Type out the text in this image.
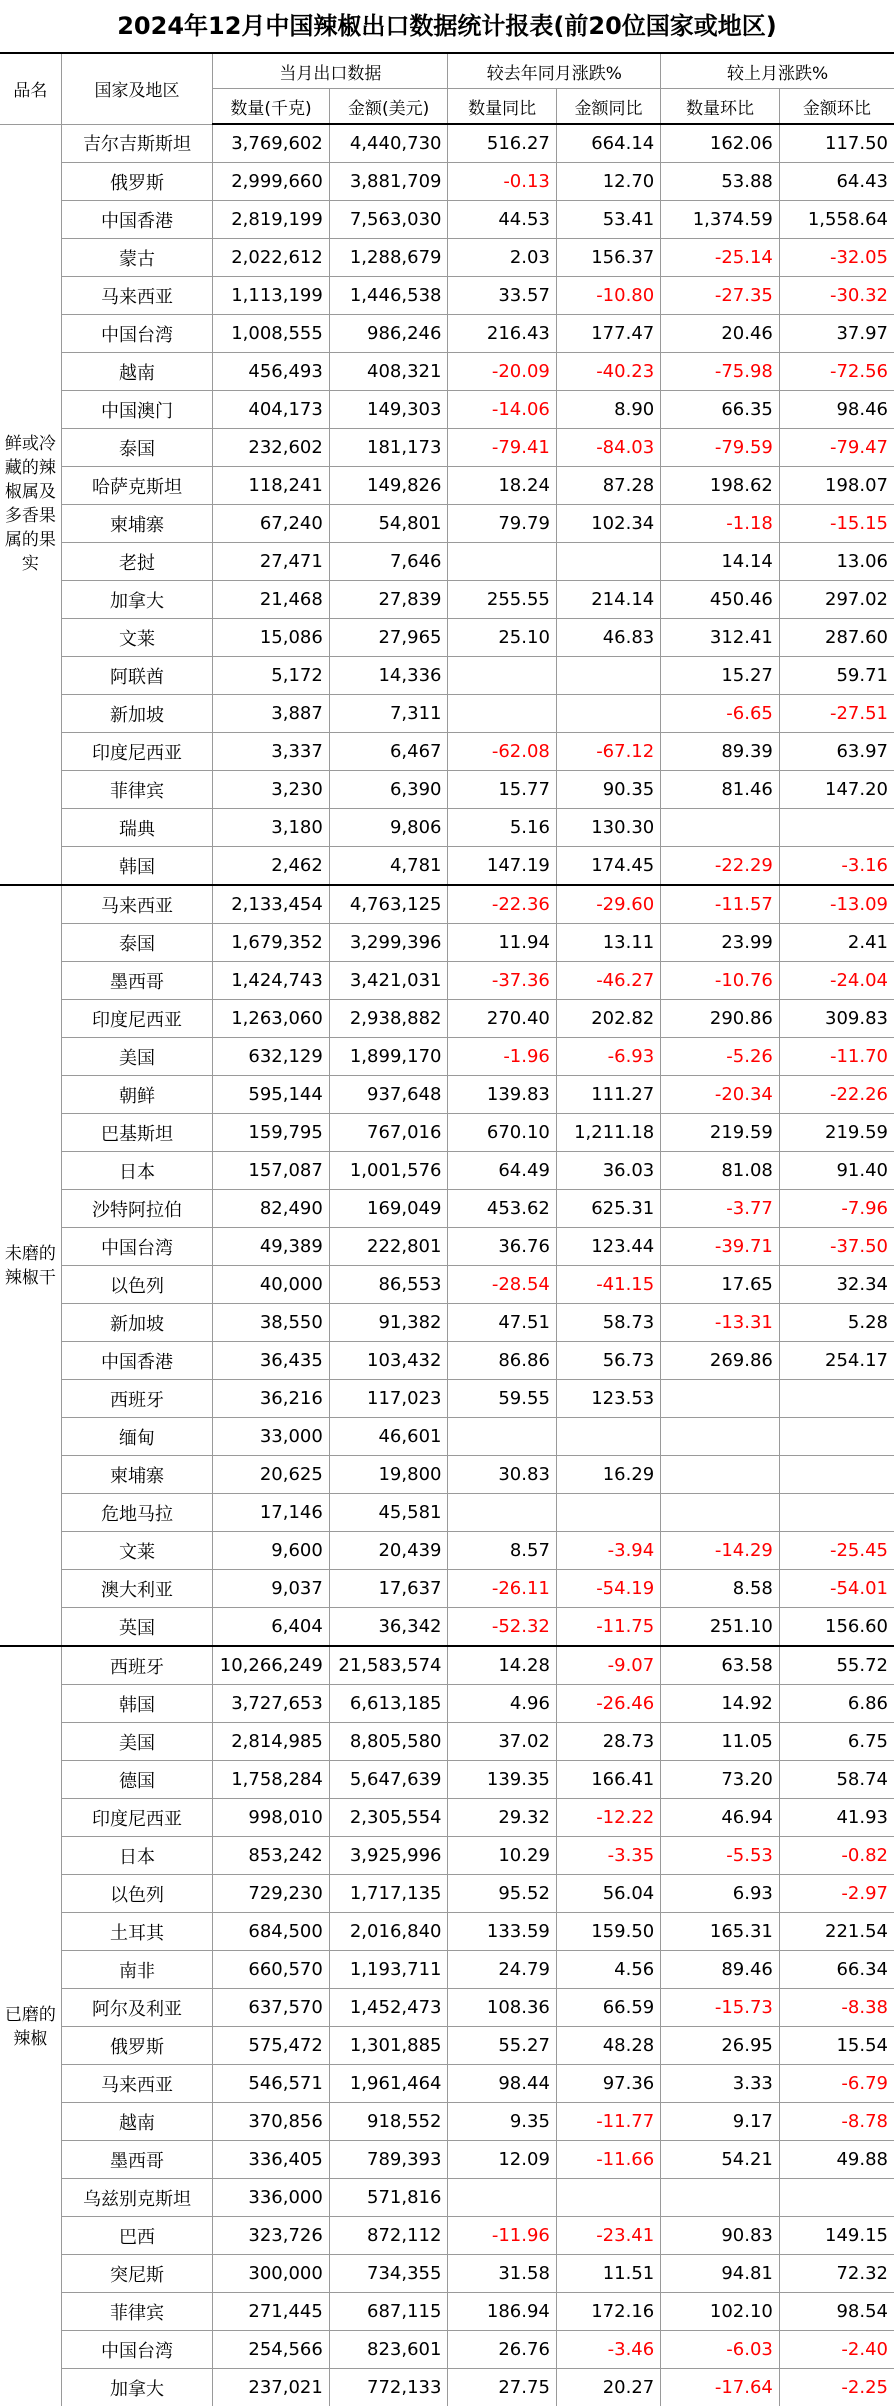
2024年12月中国辣椒出口数据统计报表(前20位国家或地区)
品名	国家及地区	当月出口数据		较去年同月涨跌%		较上月涨跌%	
		数量(千克)	金额(美元)	数量同比	金额同比	数量环比	金额环比
鲜或冷藏的辣椒属及多香果属的果实	吉尔吉斯斯坦	3,769,602	4,440,730	516.27	664.14	162.06	117.50
	俄罗斯	2,999,660	3,881,709	-0.13	12.70	53.88	64.43
	中国香港	2,819,199	7,563,030	44.53	53.41	1,374.59	1,558.64
	蒙古	2,022,612	1,288,679	2.03	156.37	-25.14	-32.05
	马来西亚	1,113,199	1,446,538	33.57	-10.80	-27.35	-30.32
	中国台湾	1,008,555	986,246	216.43	177.47	20.46	37.97
	越南	456,493	408,321	-20.09	-40.23	-75.98	-72.56
	中国澳门	404,173	149,303	-14.06	8.90	66.35	98.46
	泰国	232,602	181,173	-79.41	-84.03	-79.59	-79.47
	哈萨克斯坦	118,241	149,826	18.24	87.28	198.62	198.07
	柬埔寨	67,240	54,801	79.79	102.34	-1.18	-15.15
	老挝	27,471	7,646			14.14	13.06
	加拿大	21,468	27,839	255.55	214.14	450.46	297.02
	文莱	15,086	27,965	25.10	46.83	312.41	287.60
	阿联酋	5,172	14,336			15.27	59.71
	新加坡	3,887	7,311			-6.65	-27.51
	印度尼西亚	3,337	6,467	-62.08	-67.12	89.39	63.97
	菲律宾	3,230	6,390	15.77	90.35	81.46	147.20
	瑞典	3,180	9,806	5.16	130.30		
	韩国	2,462	4,781	147.19	174.45	-22.29	-3.16
未磨的辣椒干	马来西亚	2,133,454	4,763,125	-22.36	-29.60	-11.57	-13.09
	泰国	1,679,352	3,299,396	11.94	13.11	23.99	2.41
	墨西哥	1,424,743	3,421,031	-37.36	-46.27	-10.76	-24.04
	印度尼西亚	1,263,060	2,938,882	270.40	202.82	290.86	309.83
	美国	632,129	1,899,170	-1.96	-6.93	-5.26	-11.70
	朝鲜	595,144	937,648	139.83	111.27	-20.34	-22.26
	巴基斯坦	159,795	767,016	670.10	1,211.18	219.59	219.59
	日本	157,087	1,001,576	64.49	36.03	81.08	91.40
	沙特阿拉伯	82,490	169,049	453.62	625.31	-3.77	-7.96
	中国台湾	49,389	222,801	36.76	123.44	-39.71	-37.50
	以色列	40,000	86,553	-28.54	-41.15	17.65	32.34
	新加坡	38,550	91,382	47.51	58.73	-13.31	5.28
	中国香港	36,435	103,432	86.86	56.73	269.86	254.17
	西班牙	36,216	117,023	59.55	123.53		
	缅甸	33,000	46,601				
	柬埔寨	20,625	19,800	30.83	16.29		
	危地马拉	17,146	45,581				
	文莱	9,600	20,439	8.57	-3.94	-14.29	-25.45
	澳大利亚	9,037	17,637	-26.11	-54.19	8.58	-54.01
	英国	6,404	36,342	-52.32	-11.75	251.10	156.60
已磨的辣椒	西班牙	10,266,249	21,583,574	14.28	-9.07	63.58	55.72
	韩国	3,727,653	6,613,185	4.96	-26.46	14.92	6.86
	美国	2,814,985	8,805,580	37.02	28.73	11.05	6.75
	德国	1,758,284	5,647,639	139.35	166.41	73.20	58.74
	印度尼西亚	998,010	2,305,554	29.32	-12.22	46.94	41.93
	日本	853,242	3,925,996	10.29	-3.35	-5.53	-0.82
	以色列	729,230	1,717,135	95.52	56.04	6.93	-2.97
	土耳其	684,500	2,016,840	133.59	159.50	165.31	221.54
	南非	660,570	1,193,711	24.79	4.56	89.46	66.34
	阿尔及利亚	637,570	1,452,473	108.36	66.59	-15.73	-8.38
	俄罗斯	575,472	1,301,885	55.27	48.28	26.95	15.54
	马来西亚	546,571	1,961,464	98.44	97.36	3.33	-6.79
	越南	370,856	918,552	9.35	-11.77	9.17	-8.78
	墨西哥	336,405	789,393	12.09	-11.66	54.21	49.88
	乌兹别克斯坦	336,000	571,816				
	巴西	323,726	872,112	-11.96	-23.41	90.83	149.15
	突尼斯	300,000	734,355	31.58	11.51	94.81	72.32
	菲律宾	271,445	687,115	186.94	172.16	102.10	98.54
	中国台湾	254,566	823,601	26.76	-3.46	-6.03	-2.40
	加拿大	237,021	772,133	27.75	20.27	-17.64	-2.25
